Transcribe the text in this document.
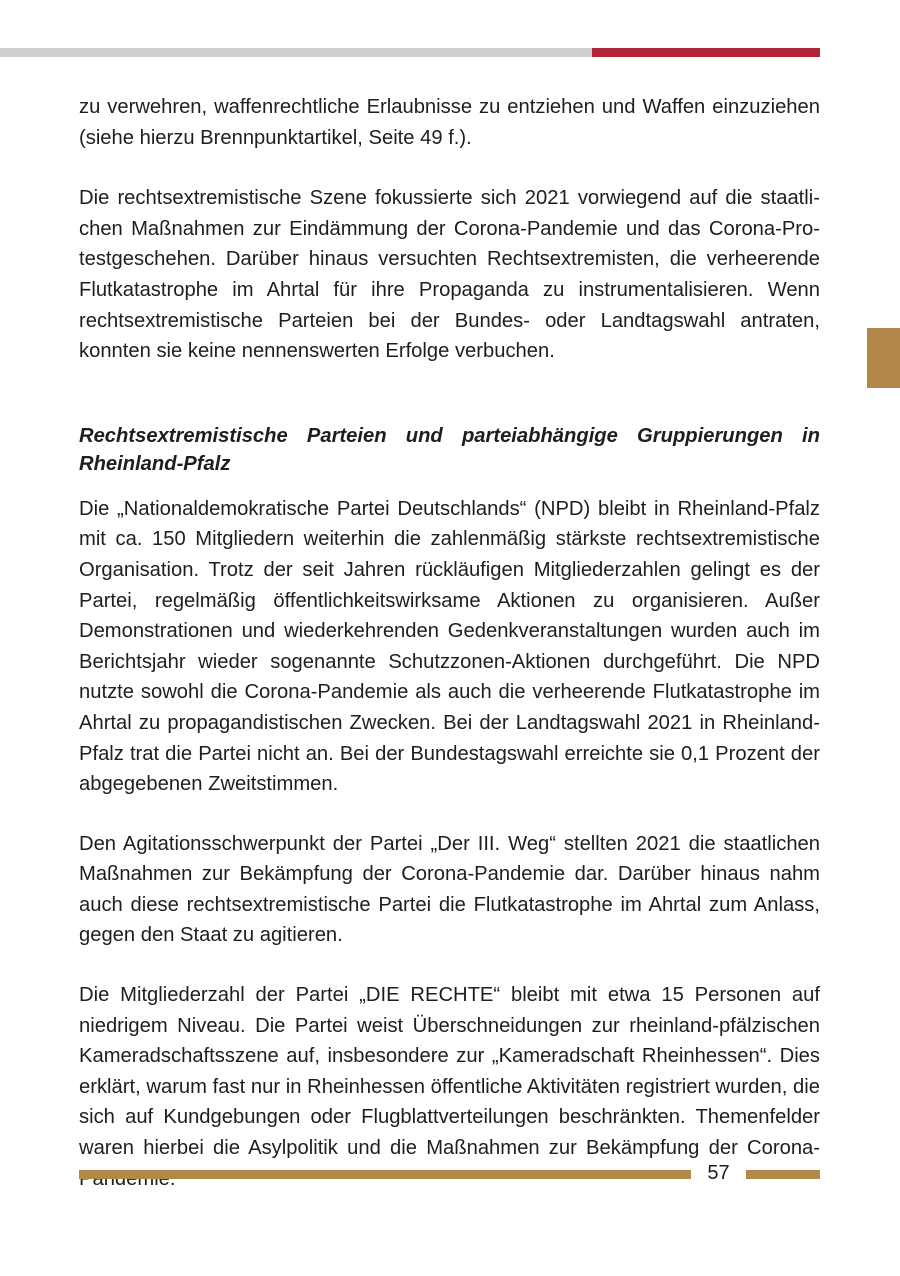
zu verwehren, waffenrechtliche Erlaubnisse zu entziehen und Waffen einzuziehen (siehe hierzu Brennpunktartikel, Seite 49 f.).

Die rechtsextremistische Szene fokussierte sich 2021 vorwiegend auf die staatlichen Maßnahmen zur Eindämmung der Corona-Pandemie und das Corona-Protestgeschehen. Darüber hinaus versuchten Rechtsextremisten, die verheerende Flutkatastrophe im Ahrtal für ihre Propaganda zu instrumentalisieren. Wenn rechtsextremistische Parteien bei der Bundes- oder Landtagswahl antraten, konnten sie keine nennenswerten Erfolge verbuchen.

Rechtsextremistische Parteien und parteiabhängige Gruppierungen in Rheinland-Pfalz

Die „Nationaldemokratische Partei Deutschlands“ (NPD) bleibt in Rheinland-Pfalz mit ca. 150 Mitgliedern weiterhin die zahlenmäßig stärkste rechtsextremistische Organisation. Trotz der seit Jahren rückläufigen Mitgliederzahlen gelingt es der Partei, regelmäßig öffentlichkeitswirksame Aktionen zu organisieren. Außer Demonstrationen und wiederkehrenden Gedenkveranstaltungen wurden auch im Berichtsjahr wieder sogenannte Schutzzonen-Aktionen durchgeführt. Die NPD nutzte sowohl die Corona-Pandemie als auch die verheerende Flutkatastrophe im Ahrtal zu propagandistischen Zwecken. Bei der Landtagswahl 2021 in Rheinland-Pfalz trat die Partei nicht an. Bei der Bundestagswahl erreichte sie 0,1 Prozent der abgegebenen Zweitstimmen.

Den Agitationsschwerpunkt der Partei „Der III. Weg“ stellten 2021 die staatlichen Maßnahmen zur Bekämpfung der Corona-Pandemie dar. Darüber hinaus nahm auch diese rechtsextremistische Partei die Flutkatastrophe im Ahrtal zum Anlass, gegen den Staat zu agitieren.

Die Mitgliederzahl der Partei „DIE RECHTE“ bleibt mit etwa 15 Personen auf niedrigem Niveau. Die Partei weist Überschneidungen zur rheinland-pfälzischen Kameradschaftsszene auf, insbesondere zur „Kameradschaft Rheinhessen“. Dies erklärt, warum fast nur in Rheinhessen öffentliche Aktivitäten registriert wurden, die sich auf Kundgebungen oder Flugblattverteilungen beschränkten. Themenfelder waren hierbei die Asylpolitik und die Maßnahmen zur Bekämpfung der Corona-

57
